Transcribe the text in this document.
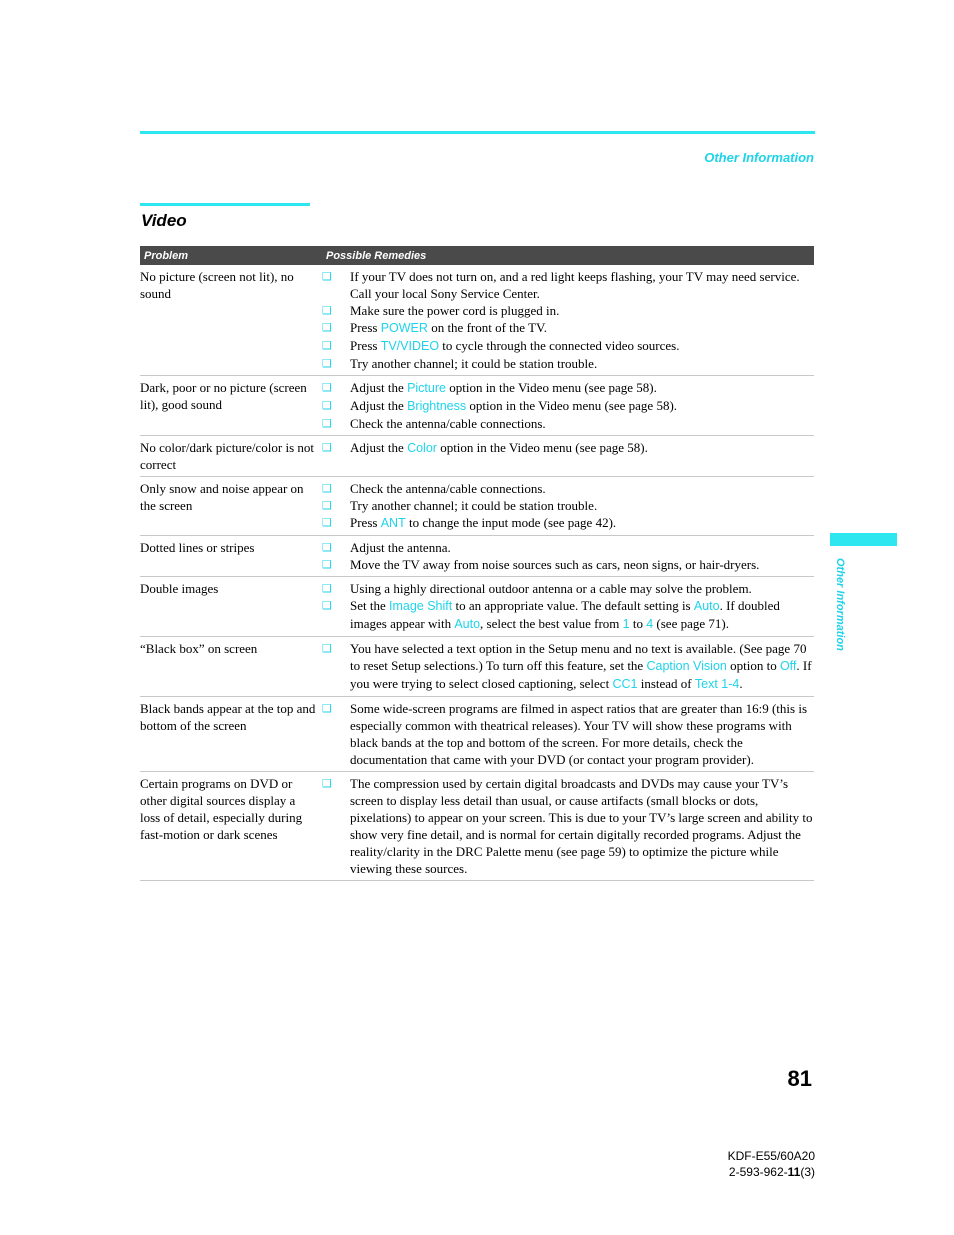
Other Information
Video
Problem	Possible Remedies
No picture (screen not lit), no sound
❑	If your TV does not turn on, and a red light keeps flashing, your TV may need service. Call your local Sony Service Center.
❑	Make sure the power cord is plugged in.
❑	Press POWER on the front of the TV.
❑	Press TV/VIDEO to cycle through the connected video sources.
❑	Try another channel; it could be station trouble.
Dark, poor or no picture (screen lit), good sound
❑	Adjust the Picture option in the Video menu (see page 58).
❑	Adjust the Brightness option in the Video menu (see page 58).
❑	Check the antenna/cable connections.
No color/dark picture/color is not correct
❑	Adjust the Color option in the Video menu (see page 58).
Only snow and noise appear on the screen
❑	Check the antenna/cable connections.
❑	Try another channel; it could be station trouble.
❑	Press ANT to change the input mode (see page 42).
Dotted lines or stripes	❑	Adjust the antenna.
❑	Move the TV away from noise sources such as cars, neon signs, or hair-dryers.
Double images	❑	Using a highly directional outdoor antenna or a cable may solve the problem.
❑	Set the Image Shift to an appropriate value. The default setting is Auto. If doubled images appear with Auto, select the best value from 1 to 4 (see page 71).
“Black box” on screen	❑	You have selected a text option in the Setup menu and no text is available. (See page 70 to reset Setup selections.) To turn off this feature, set the Caption Vision option to Off. If you were trying to select closed captioning, select CC1 instead of Text 1-4.
Black bands appear at the top and bottom of the screen
❑	Some wide-screen programs are filmed in aspect ratios that are greater than 16:9 (this is especially common with theatrical releases). Your TV will show these programs with black bands at the top and bottom of the screen. For more details, check the documentation that came with your DVD (or contact your program provider).
Certain programs on DVD or other digital sources display a loss of detail, especially during fast-motion or dark scenes
❑	The compression used by certain digital broadcasts and DVDs may cause your TV’s screen to display less detail than usual, or cause artifacts (small blocks or dots, pixelations) to appear on your screen. This is due to your TV’s large screen and ability to show very fine detail, and is normal for certain digitally recorded programs. Adjust the reality/clarity in the DRC Palette menu (see page 59) to optimize the picture while viewing these sources.
Other Information
81
KDF-E55/60A20
2-593-962-11(3)
